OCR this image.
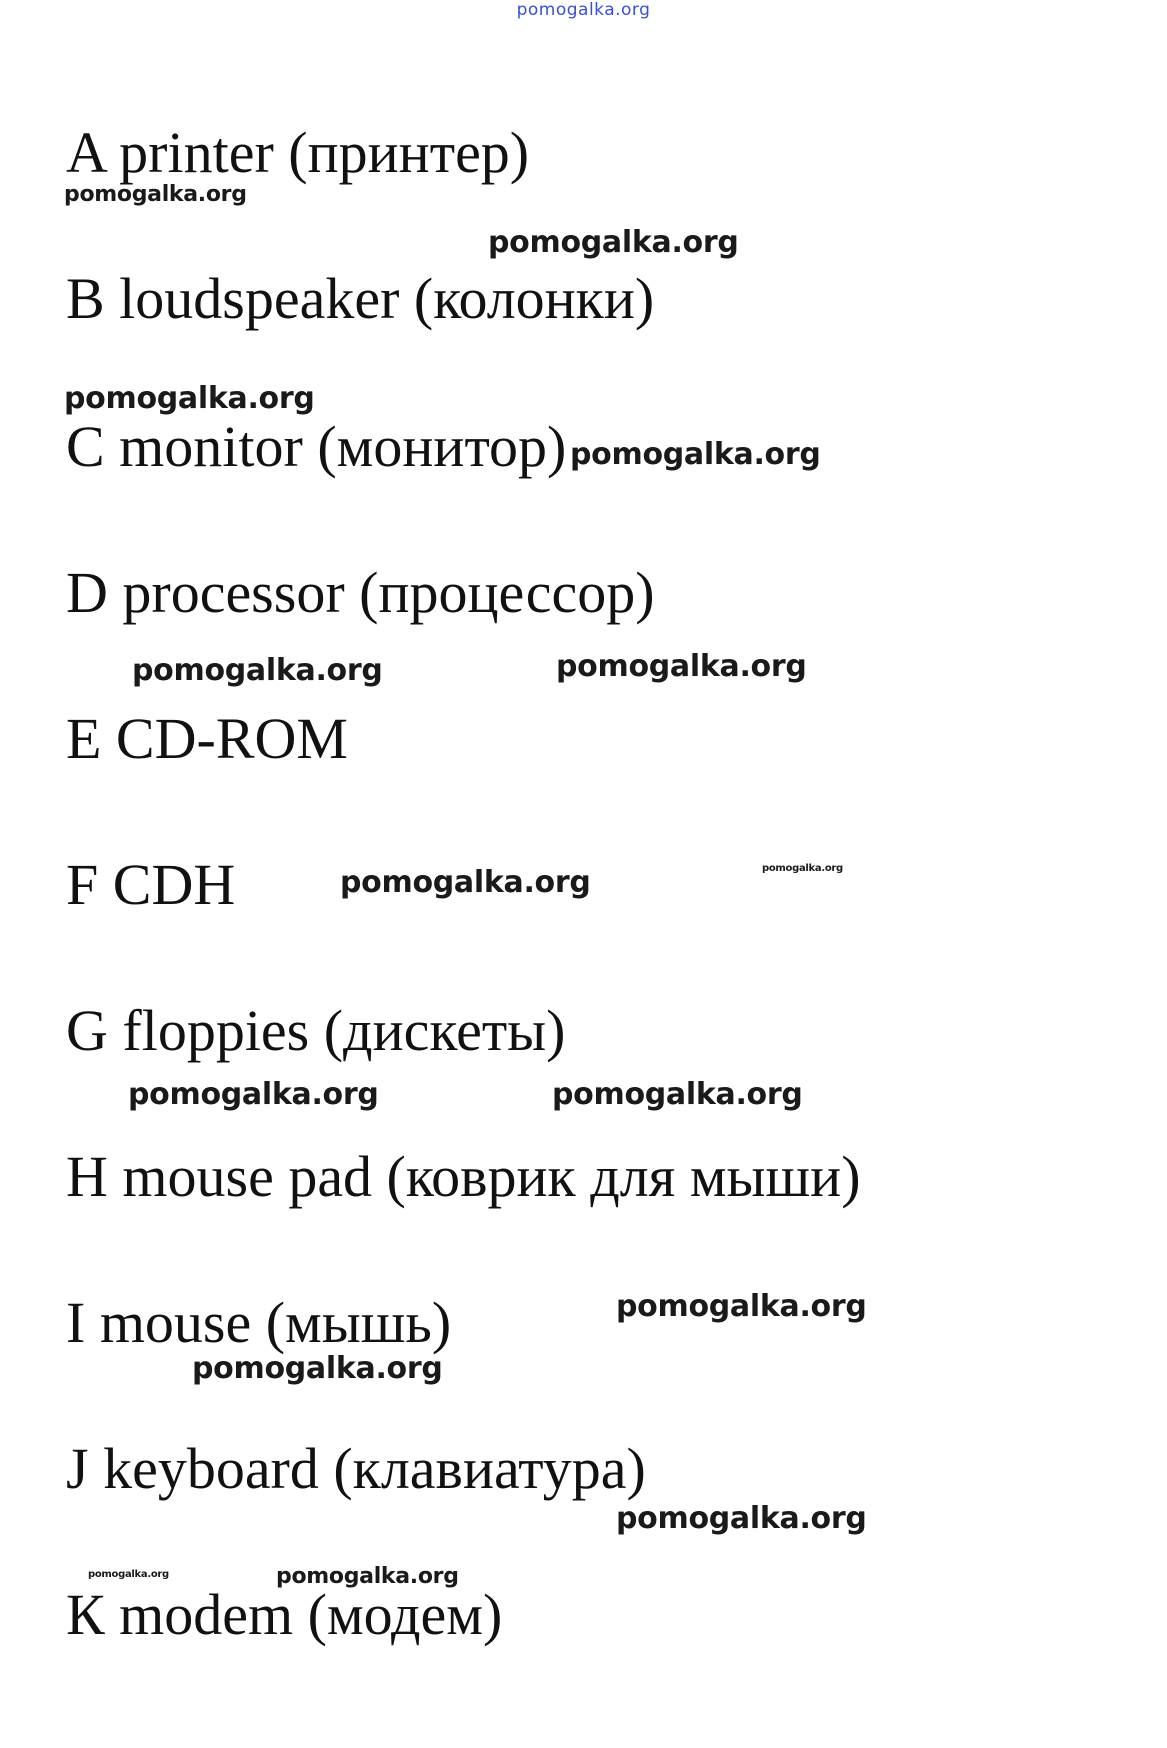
pomogalka.org
A printer (принтер)
B loudspeaker (колонки)
C monitor (монитор)
D processor (процессор)
E CD-ROM
F CDH
G floppies (дискеты)
H mouse pad (коврик для мыши)
I mouse (мышь)
J keyboard (клавиатура)
К modem (модем)
pomogalka.org
pomogalka.org
pomogalka.org
pomogalka.org
pomogalka.org	pomogalka.org
pomogalka.org	pomogalka.org
pomogalka.org	pomogalka.org
pomogalka.org
pomogalka.org
pomogalka.org
pomogalka.org	pomogalka.org
